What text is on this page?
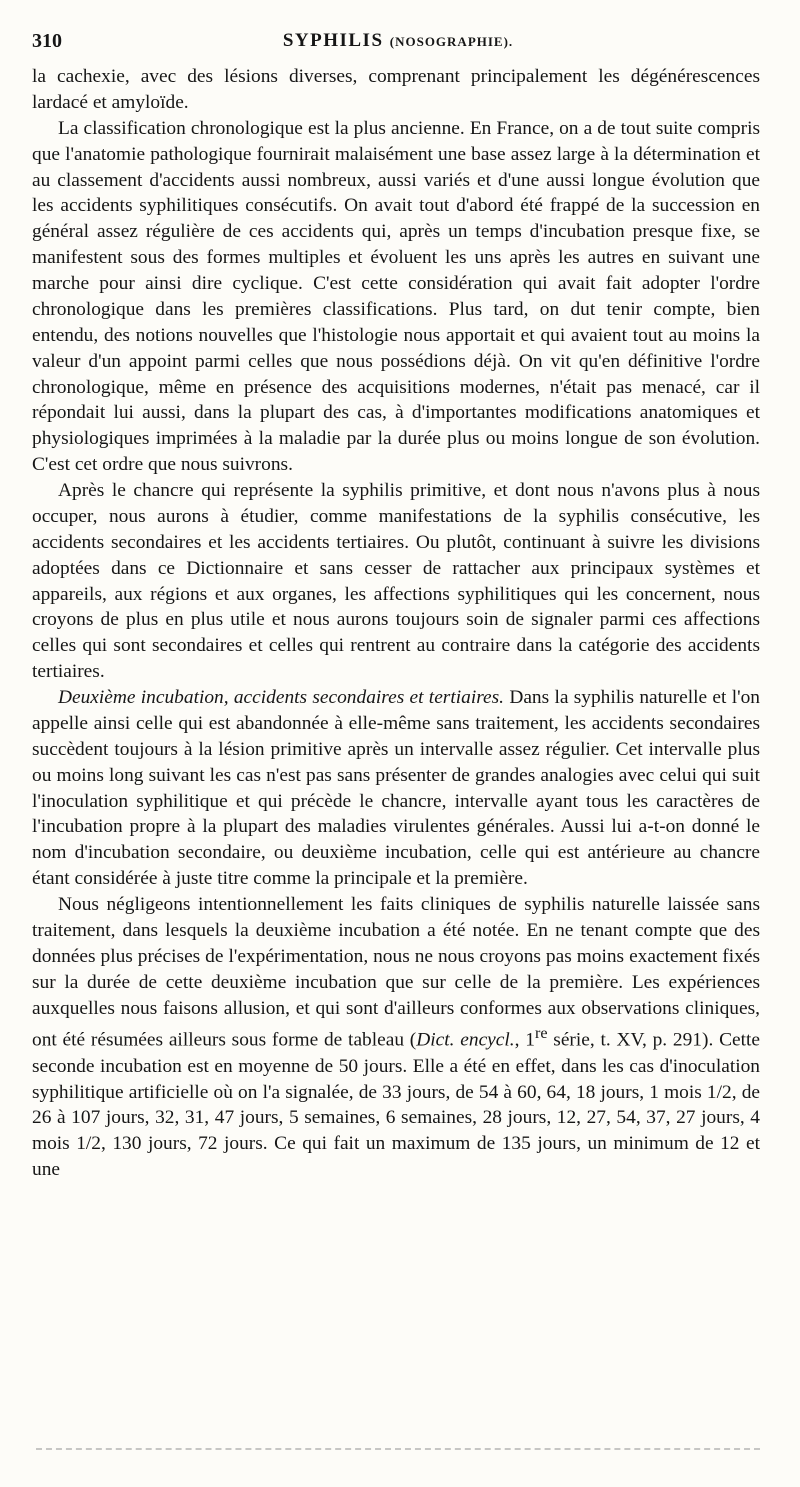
310	SYPHILIS (NOSOGRAPHIE).

la cachexie, avec des lésions diverses, comprenant principalement les dégénérescences lardacé et amyloïde.

La classification chronologique est la plus ancienne. En France, on a de tout suite compris que l'anatomie pathologique fournirait malaisément une base assez large à la détermination et au classement d'accidents aussi nombreux, aussi variés et d'une aussi longue évolution que les accidents syphilitiques consécutifs. On avait tout d'abord été frappé de la succession en général assez régulière de ces accidents qui, après un temps d'incubation presque fixe, se manifestent sous des formes multiples et évoluent les uns après les autres en suivant une marche pour ainsi dire cyclique. C'est cette considération qui avait fait adopter l'ordre chronologique dans les premières classifications. Plus tard, on dut tenir compte, bien entendu, des notions nouvelles que l'histologie nous apportait et qui avaient tout au moins la valeur d'un appoint parmi celles que nous possédions déjà. On vit qu'en définitive l'ordre chronologique, même en présence des acquisitions modernes, n'était pas menacé, car il répondait lui aussi, dans la plupart des cas, à d'importantes modifications anatomiques et physiologiques imprimées à la maladie par la durée plus ou moins longue de son évolution. C'est cet ordre que nous suivrons.

Après le chancre qui représente la syphilis primitive, et dont nous n'avons plus à nous occuper, nous aurons à étudier, comme manifestations de la syphilis consécutive, les accidents secondaires et les accidents tertiaires. Ou plutôt, continuant à suivre les divisions adoptées dans ce Dictionnaire et sans cesser de rattacher aux principaux systèmes et appareils, aux régions et aux organes, les affections syphilitiques qui les concernent, nous croyons de plus en plus utile et nous aurons toujours soin de signaler parmi ces affections celles qui sont secondaires et celles qui rentrent au contraire dans la catégorie des accidents tertiaires.

Deuxième incubation, accidents secondaires et tertiaires. Dans la syphilis naturelle et l'on appelle ainsi celle qui est abandonnée à elle-même sans traitement, les accidents secondaires succèdent toujours à la lésion primitive après un intervalle assez régulier. Cet intervalle plus ou moins long suivant les cas n'est pas sans présenter de grandes analogies avec celui qui suit l'inoculation syphilitique et qui précède le chancre, intervalle ayant tous les caractères de l'incubation propre à la plupart des maladies virulentes générales. Aussi lui a-t-on donné le nom d'incubation secondaire, ou deuxième incubation, celle qui est antérieure au chancre étant considérée à juste titre comme la principale et la première.

Nous négligeons intentionnellement les faits cliniques de syphilis naturelle laissée sans traitement, dans lesquels la deuxième incubation a été notée. En ne tenant compte que des données plus précises de l'expérimentation, nous ne nous croyons pas moins exactement fixés sur la durée de cette deuxième incubation que sur celle de la première. Les expériences auxquelles nous faisons allusion, et qui sont d'ailleurs conformes aux observations cliniques, ont été résumées ailleurs sous forme de tableau (Dict. encycl., 1re série, t. XV, p. 291). Cette seconde incubation est en moyenne de 50 jours. Elle a été en effet, dans les cas d'inoculation syphilitique artificielle où on l'a signalée, de 33 jours, de 54 à 60, 64, 18 jours, 1 mois 1/2, de 26 à 107 jours, 32, 31, 47 jours, 5 semaines, 6 semaines, 28 jours, 12, 27, 54, 37, 27 jours, 4 mois 1/2, 130 jours, 72 jours. Ce qui fait un maximum de 135 jours, un minimum de 12 et une
